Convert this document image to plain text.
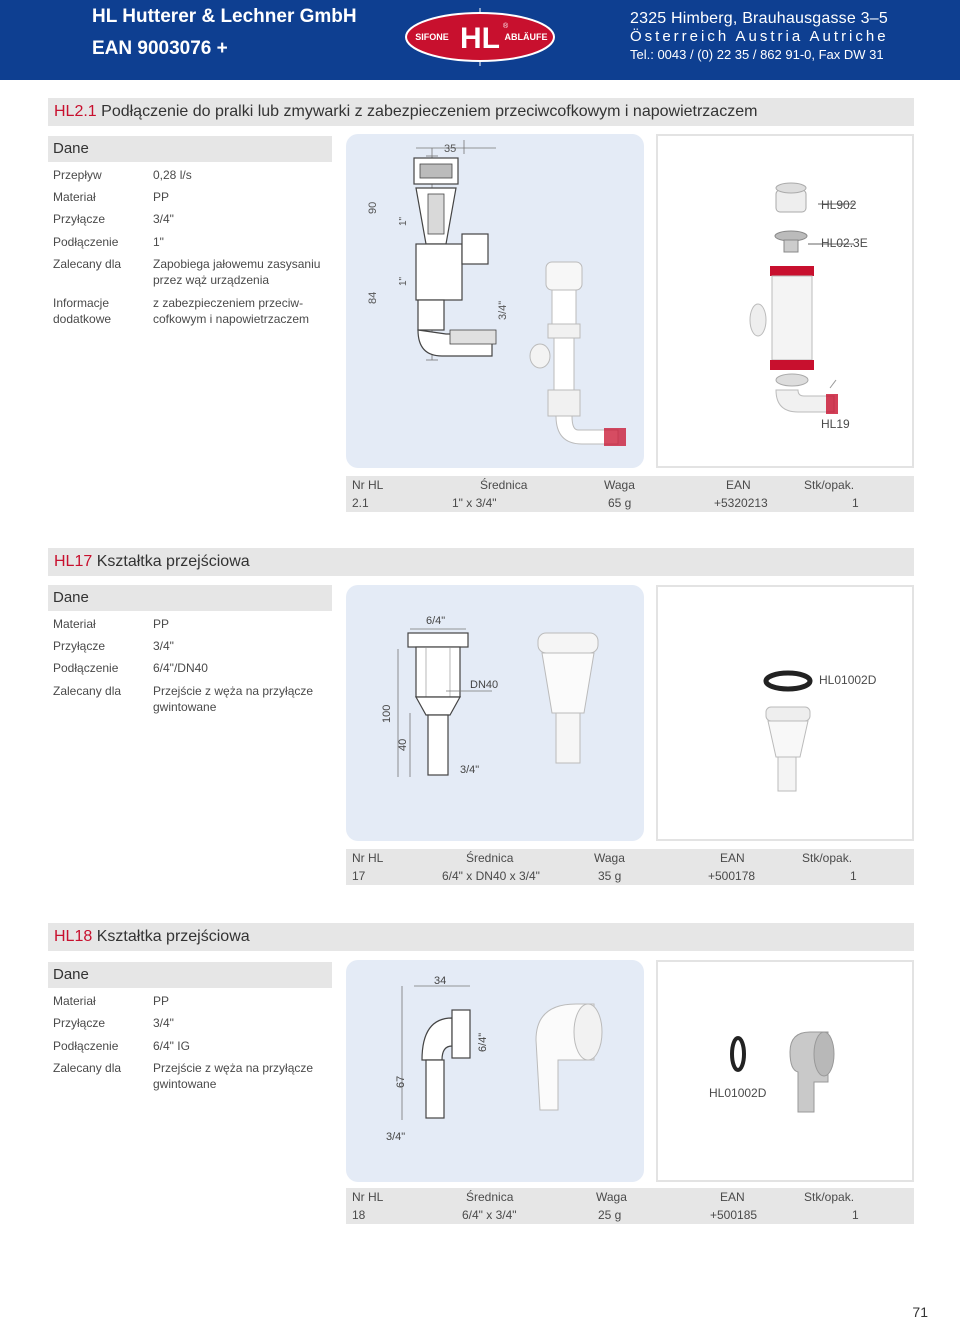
HL Hutterer & Lechner GmbH
EAN 9003076 +
SIFONE HL ®
ABLÄUFE
2325 Himberg, Brauhausgasse 3–5
Österreich Austria Autriche
Tel.: 0043 / (0) 22 35 / 862 91-0, Fax DW 31
HL2.1 Podłączenie do pralki lub zmywarki z zabezpieczeniem przeciwcofkowym i napowietrzaczem
Dane
Przepływ	0,28 l/s
Materiał	PP
Przyłącze	3/4"
Podłączenie	1"
Zalecany dla	Zapobiega jałowemu zasysaniu
przez wąż urządzenia
Informacje	z zabezpieczeniem przeciw-
dodatkowe	cofkowym i napowietrzaczem
35
90
84
1"
1"
3/4"
HL902
HL02.3E
HL19
Nr HL	Średnica	Waga	EAN	Stk/opak.
2.1	1" x 3/4"	65 g	+5320213	1
HL17 Kształtka przejściowa
Dane
Materiał	PP
Przyłącze	3/4"
Podłączenie	6/4"/DN40
Zalecany dla	Przejście z węża na przyłącze
gwintowane
6/4"
100
40
DN40
3/4"
HL01002D
Nr HL	Średnica	Waga	EAN	Stk/opak.
17	6/4" x DN40 x 3/4"	35 g	+500178	1
HL18 Kształtka przejściowa
Dane
Materiał	PP
Przyłącze	3/4"
Podłączenie	6/4" IG
Zalecany dla	Przejście z węża na przyłącze
gwintowane
34
67
6/4"
3/4"
HL01002D
Nr HL	Średnica	Waga	EAN	Stk/opak.
18	6/4" x 3/4"	25 g	+500185	1
71
